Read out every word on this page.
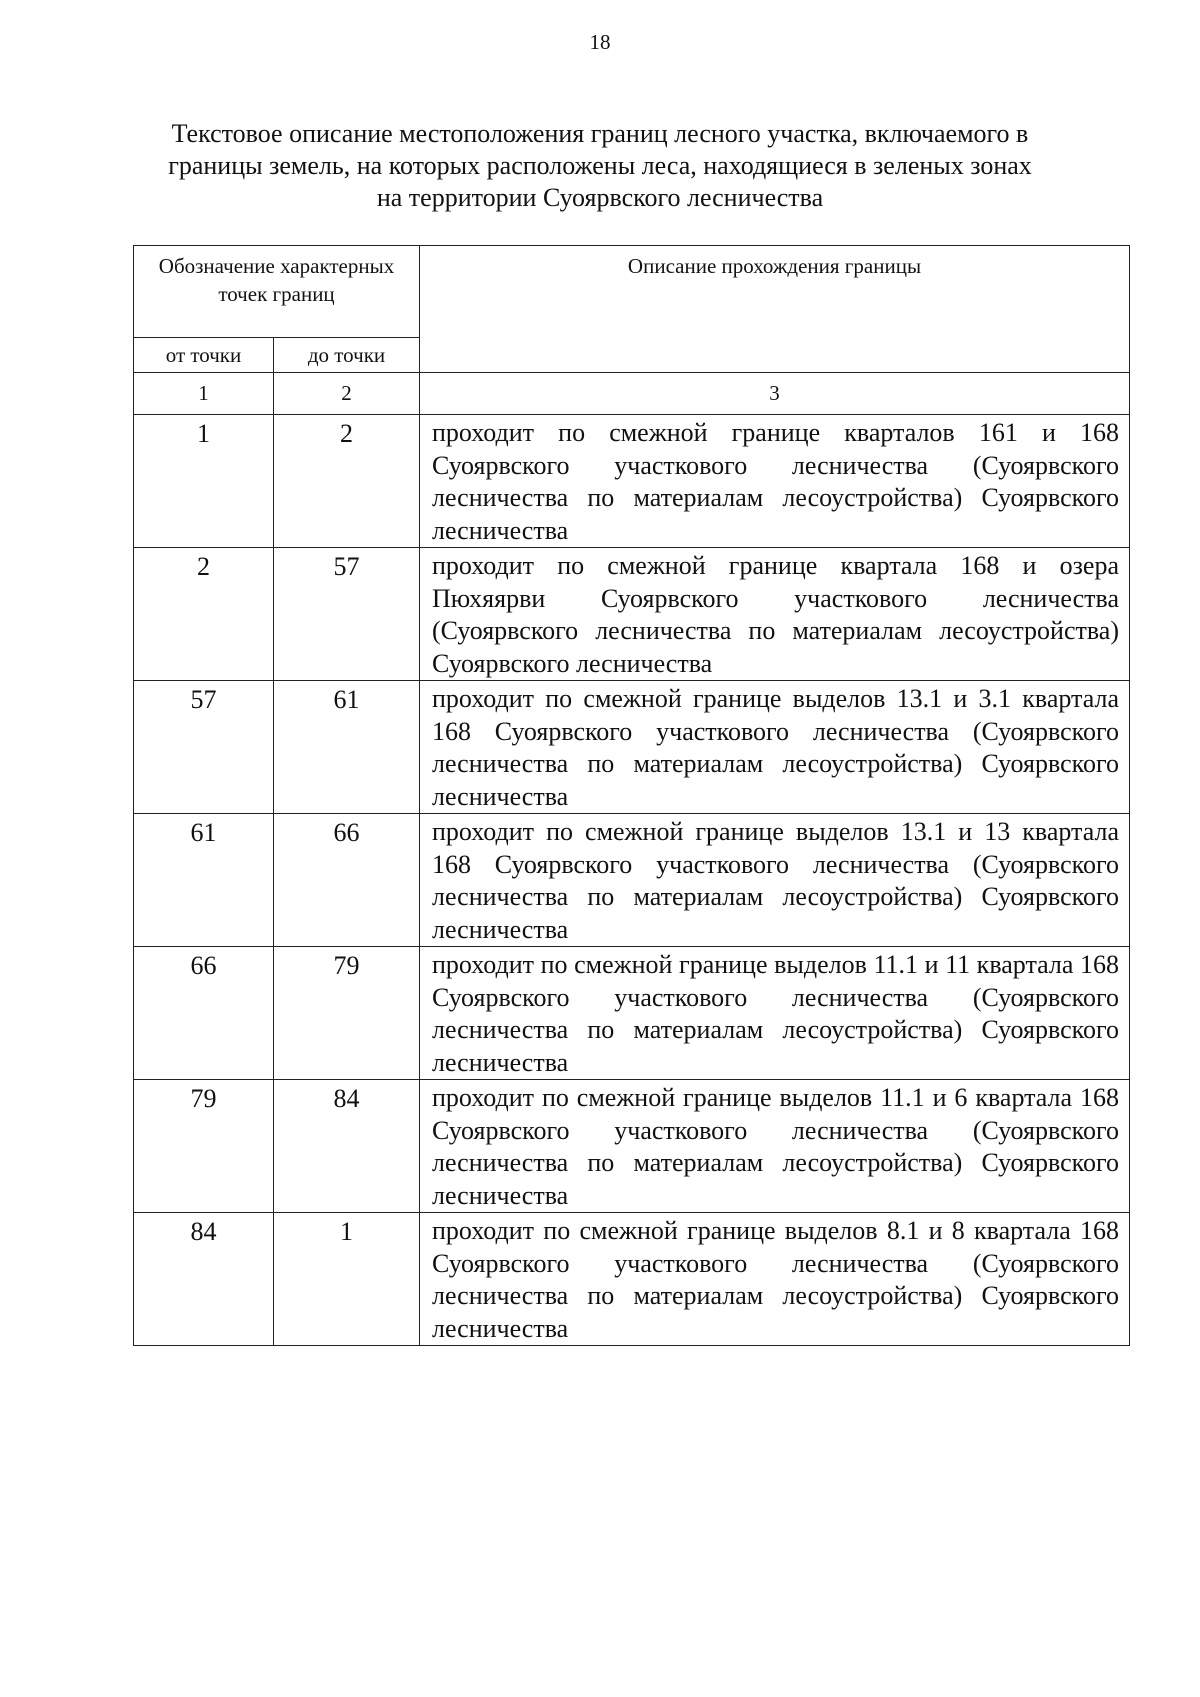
18
Текстовое описание местоположения границ лесного участка, включаемого в
границы земель, на которых расположены леса, находящиеся в зеленых зонах
на территории Суоярвского лесничества
Обозначение характерных точек границ		Описание прохождения границы
от точки	до точки	
1	2	3
1	2	проходит по смежной границе кварталов 161 и 168 Суоярвского участкового лесничества (Суоярвского лесничества по материалам лесоустройства) Суоярвского лесничества
2	57	проходит по смежной границе квартала 168 и озера Пюхяярви Суоярвского участкового лесничества (Суоярвского лесничества по материалам лесоустройства) Суоярвского лесничества
57	61	проходит по смежной границе выделов 13.1 и 3.1 квартала 168 Суоярвского участкового лесничества (Суоярвского лесничества по материалам лесоустройства) Суоярвского лесничества
61	66	проходит по смежной границе выделов 13.1 и 13 квартала 168 Суоярвского участкового лесничества (Суоярвского лесничества по материалам лесоустройства) Суоярвского лесничества
66	79	проходит по смежной границе выделов 11.1 и 11 квартала 168 Суоярвского участкового лесничества (Суоярвского лесничества по материалам лесоустройства) Суоярвского лесничества
79	84	проходит по смежной границе выделов 11.1 и 6 квартала 168 Суоярвского участкового лесничества (Суоярвского лесничества по материалам лесоустройства) Суоярвского лесничества
84	1	проходит по смежной границе выделов 8.1 и 8 квартала 168 Суоярвского участкового лесничества (Суоярвского лесничества по материалам лесоустройства) Суоярвского лесничества
